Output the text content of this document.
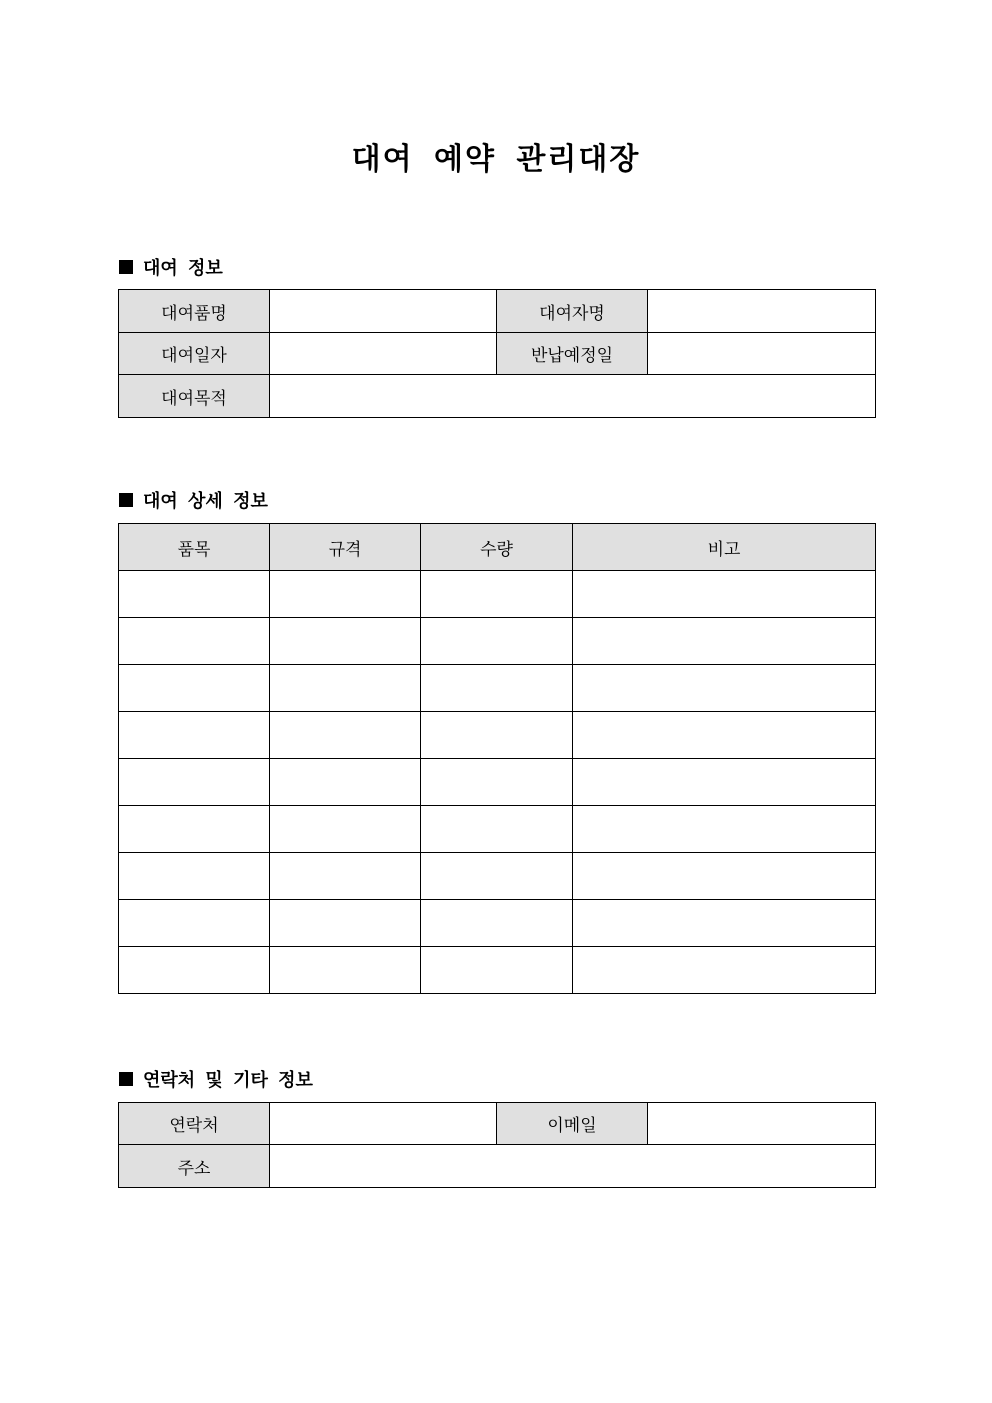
대여 예약 관리대장
대여 정보
대여품명		대여자명	
대여일자		반납예정일	
대여목적			
대여 상세 정보
품목	규격	수량	비고

연락처 및 기타 정보
연락처		이메일	
주소			
